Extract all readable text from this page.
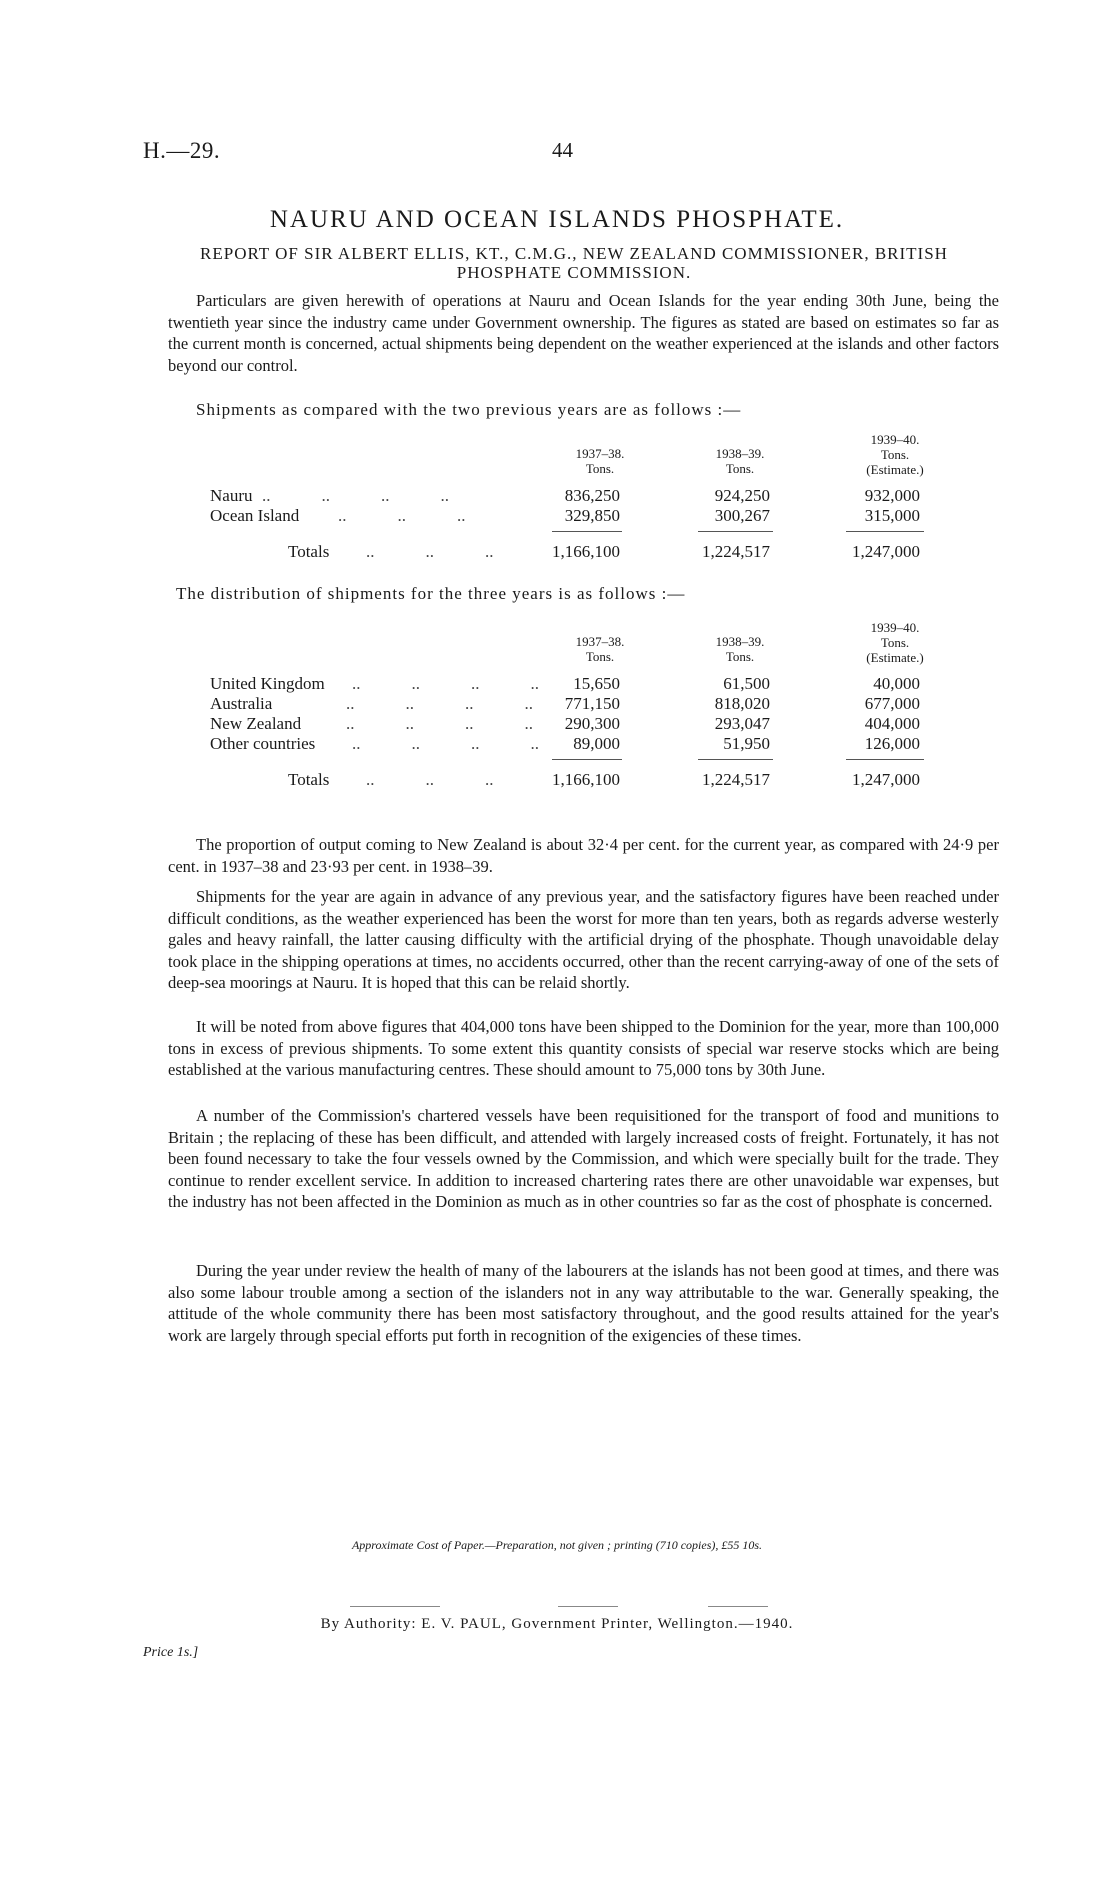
H.—29.	44
NAURU AND OCEAN ISLANDS PHOSPHATE.
REPORT OF SIR ALBERT ELLIS, KT., C.M.G., NEW ZEALAND COMMISSIONER, BRITISH
PHOSPHATE COMMISSION.

Particulars are given herewith of operations at Nauru and Ocean Islands for the year ending 30th June, being the twentieth year since the industry came under Government ownership. The figures as stated are based on estimates so far as the current month is concerned, actual shipments being dependent on the weather experienced at the islands and other factors beyond our control.

Shipments as compared with the two previous years are as follows :—
1937–38.
Tons.
1938–39.
Tons.
1939–40.
Tons.
(Estimate.)
Nauru ..            ..            ..            ..	836,250	924,250	932,000
Ocean Island ..            ..            ..	329,850	300,267	315,000
Totals ..            ..            ..	1,166,100	1,224,517	1,247,000
The distribution of shipments for the three years is as follows :—
1937–38.
Tons.
1938–39.
Tons.
1939–40.
Tons.
(Estimate.)
United Kingdom ..            ..            ..            ..	15,650	61,500	40,000
Australia	..            ..            ..            ..	771,150	818,020	677,000
New Zealand	..            ..            ..            ..	290,300	293,047	404,000
Other countries ..            ..            ..            ..	89,000	51,950	126,000
Totals ..            ..            ..	1,166,100	1,224,517	1,247,000

The proportion of output coming to New Zealand is about 32·4 per cent. for the current year, as compared with 24·9 per cent. in 1937–38 and 23·93 per cent. in 1938–39.

Shipments for the year are again in advance of any previous year, and the satisfactory figures have been reached under difficult conditions, as the weather experienced has been the worst for more than ten years, both as regards adverse westerly gales and heavy rainfall, the latter causing difficulty with the artificial drying of the phosphate. Though unavoidable delay took place in the shipping operations at times, no accidents occurred, other than the recent carrying-away of one of the sets of deep-sea moorings at Nauru. It is hoped that this can be relaid shortly.

It will be noted from above figures that 404,000 tons have been shipped to the Dominion for the year, more than 100,000 tons in excess of previous shipments. To some extent this quantity consists of special war reserve stocks which are being established at the various manufacturing centres. These should amount to 75,000 tons by 30th June.

A number of the Commission's chartered vessels have been requisitioned for the transport of food and munitions to Britain ; the replacing of these has been difficult, and attended with largely increased costs of freight. Fortunately, it has not been found necessary to take the four vessels owned by the Commission, and which were specially built for the trade. They continue to render excellent service. In addition to increased chartering rates there are other unavoidable war expenses, but the industry has not been affected in the Dominion as much as in other countries so far as the cost of phosphate is concerned.

During the year under review the health of many of the labourers at the islands has not been good at times, and there was also some labour trouble among a section of the islanders not in any way attributable to the war. Generally speaking, the attitude of the whole community there has been most satisfactory throughout, and the good results attained for the year's work are largely through special efforts put forth in recognition of the exigencies of these times.

Approximate Cost of Paper.—Preparation, not given ; printing (710 copies), £55 10s.
By Authority: E. V. PAUL, Government Printer, Wellington.—1940.
Price 1s.]
